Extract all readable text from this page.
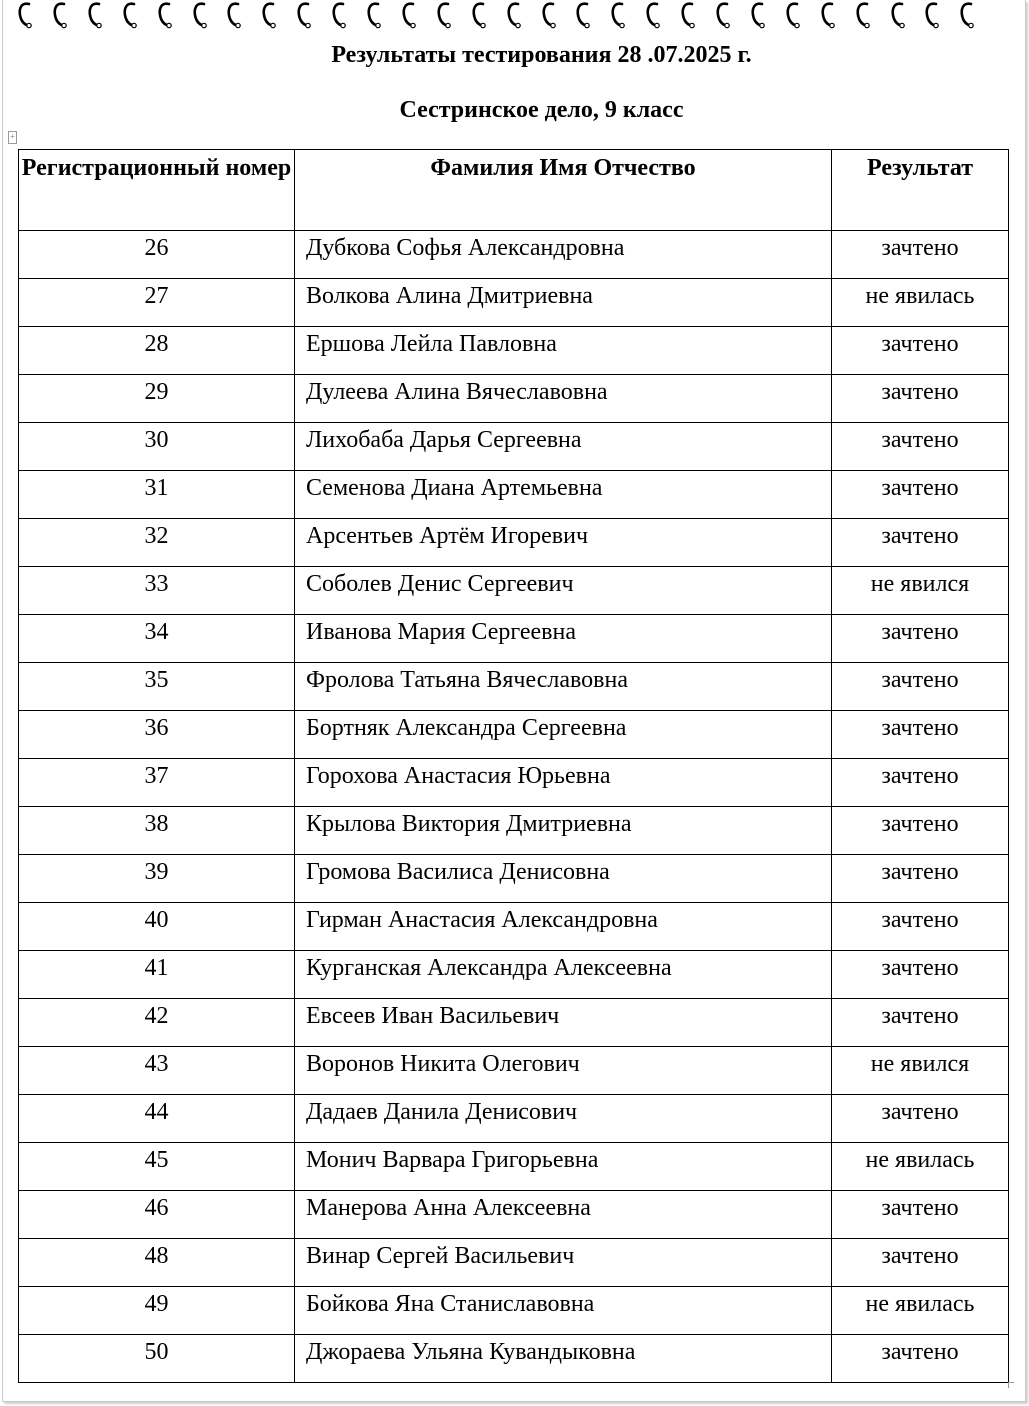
Результаты тестирования 28 .07.2025 г.
Сестринское дело, 9 класс
+
Регистрационный номер	Фамилия Имя Отчество	Результат
26	Дубкова Софья Александровна	зачтено
27	Волкова Алина Дмитриевна	не явилась
28	Ершова Лейла Павловна	зачтено
29	Дулеева Алина Вячеславовна	зачтено
30	Лихобаба Дарья Сергеевна	зачтено
31	Семенова Диана Артемьевна	зачтено
32	Арсентьев Артём Игоревич	зачтено
33	Соболев Денис Сергеевич	не явился
34	Иванова Мария Сергеевна	зачтено
35	Фролова Татьяна Вячеславовна	зачтено
36	Бортняк Александра Сергеевна	зачтено
37	Горохова Анастасия Юрьевна	зачтено
38	Крылова Виктория Дмитриевна	зачтено
39	Громова Василиса Денисовна	зачтено
40	Гирман Анастасия Александровна	зачтено
41	Курганская Александра Алексеевна	зачтено
42	Евсеев Иван Васильевич	зачтено
43	Воронов Никита Олегович	не явился
44	Дадаев Данила Денисович	зачтено
45	Монич Варвара Григорьевна	не явилась
46	Манерова Анна Алексеевна	зачтено
48	Винар Сергей Васильевич	зачтено
49	Бойкова Яна Станиславовна	не явилась
50	Джораева Ульяна Кувандыковна	зачтено
